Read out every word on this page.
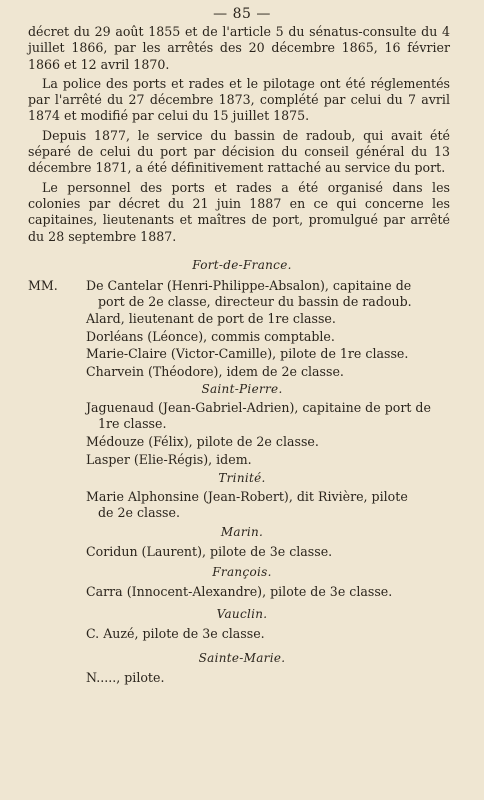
— 85 —

décret du 29 août 1855 et de l'article 5 du sénatus-consulte du 4 juillet 1866, par les arrêtés des 20 décembre 1865, 16 février 1866 et 12 avril 1870.

La police des ports et rades et le pilotage ont été réglementés par l'arrêté du 27 décembre 1873, complété par celui du 7 avril 1874 et modifié par celui du 15 juillet 1875.

Depuis 1877, le service du bassin de radoub, qui avait été séparé de celui du port par décision du conseil général du 13 décembre 1871, a été définitivement rattaché au service du port.

Le personnel des ports et rades a été organisé dans les colonies par décret du 21 juin 1887 en ce qui concerne les capitaines, lieutenants et maîtres de port, promulgué par arrêté du 28 septembre 1887.

Fort-de-France.
MM. De Cantelar (Henri-Philippe-Absalon), capitaine de
port de 2e classe, directeur du bassin de radoub.
Alard, lieutenant de port de 1re classe.
Dorléans (Léonce), commis comptable.
Marie-Claire (Victor-Camille), pilote de 1re classe.
Charvein (Théodore), idem de 2e classe.
Saint-Pierre.
Jaguenaud (Jean-Gabriel-Adrien), capitaine de port de
1re classe.
Médouze (Félix), pilote de 2e classe.
Lasper (Elie-Régis), idem.
Trinité.
Marie Alphonsine (Jean-Robert), dit Rivière, pilote
de 2e classe.
Marin.
Coridun (Laurent), pilote de 3e classe.
François.
Carra (Innocent-Alexandre), pilote de 3e classe.
Vauclin.
C. Auzé, pilote de 3e classe.
Sainte-Marie.
N....., pilote.
